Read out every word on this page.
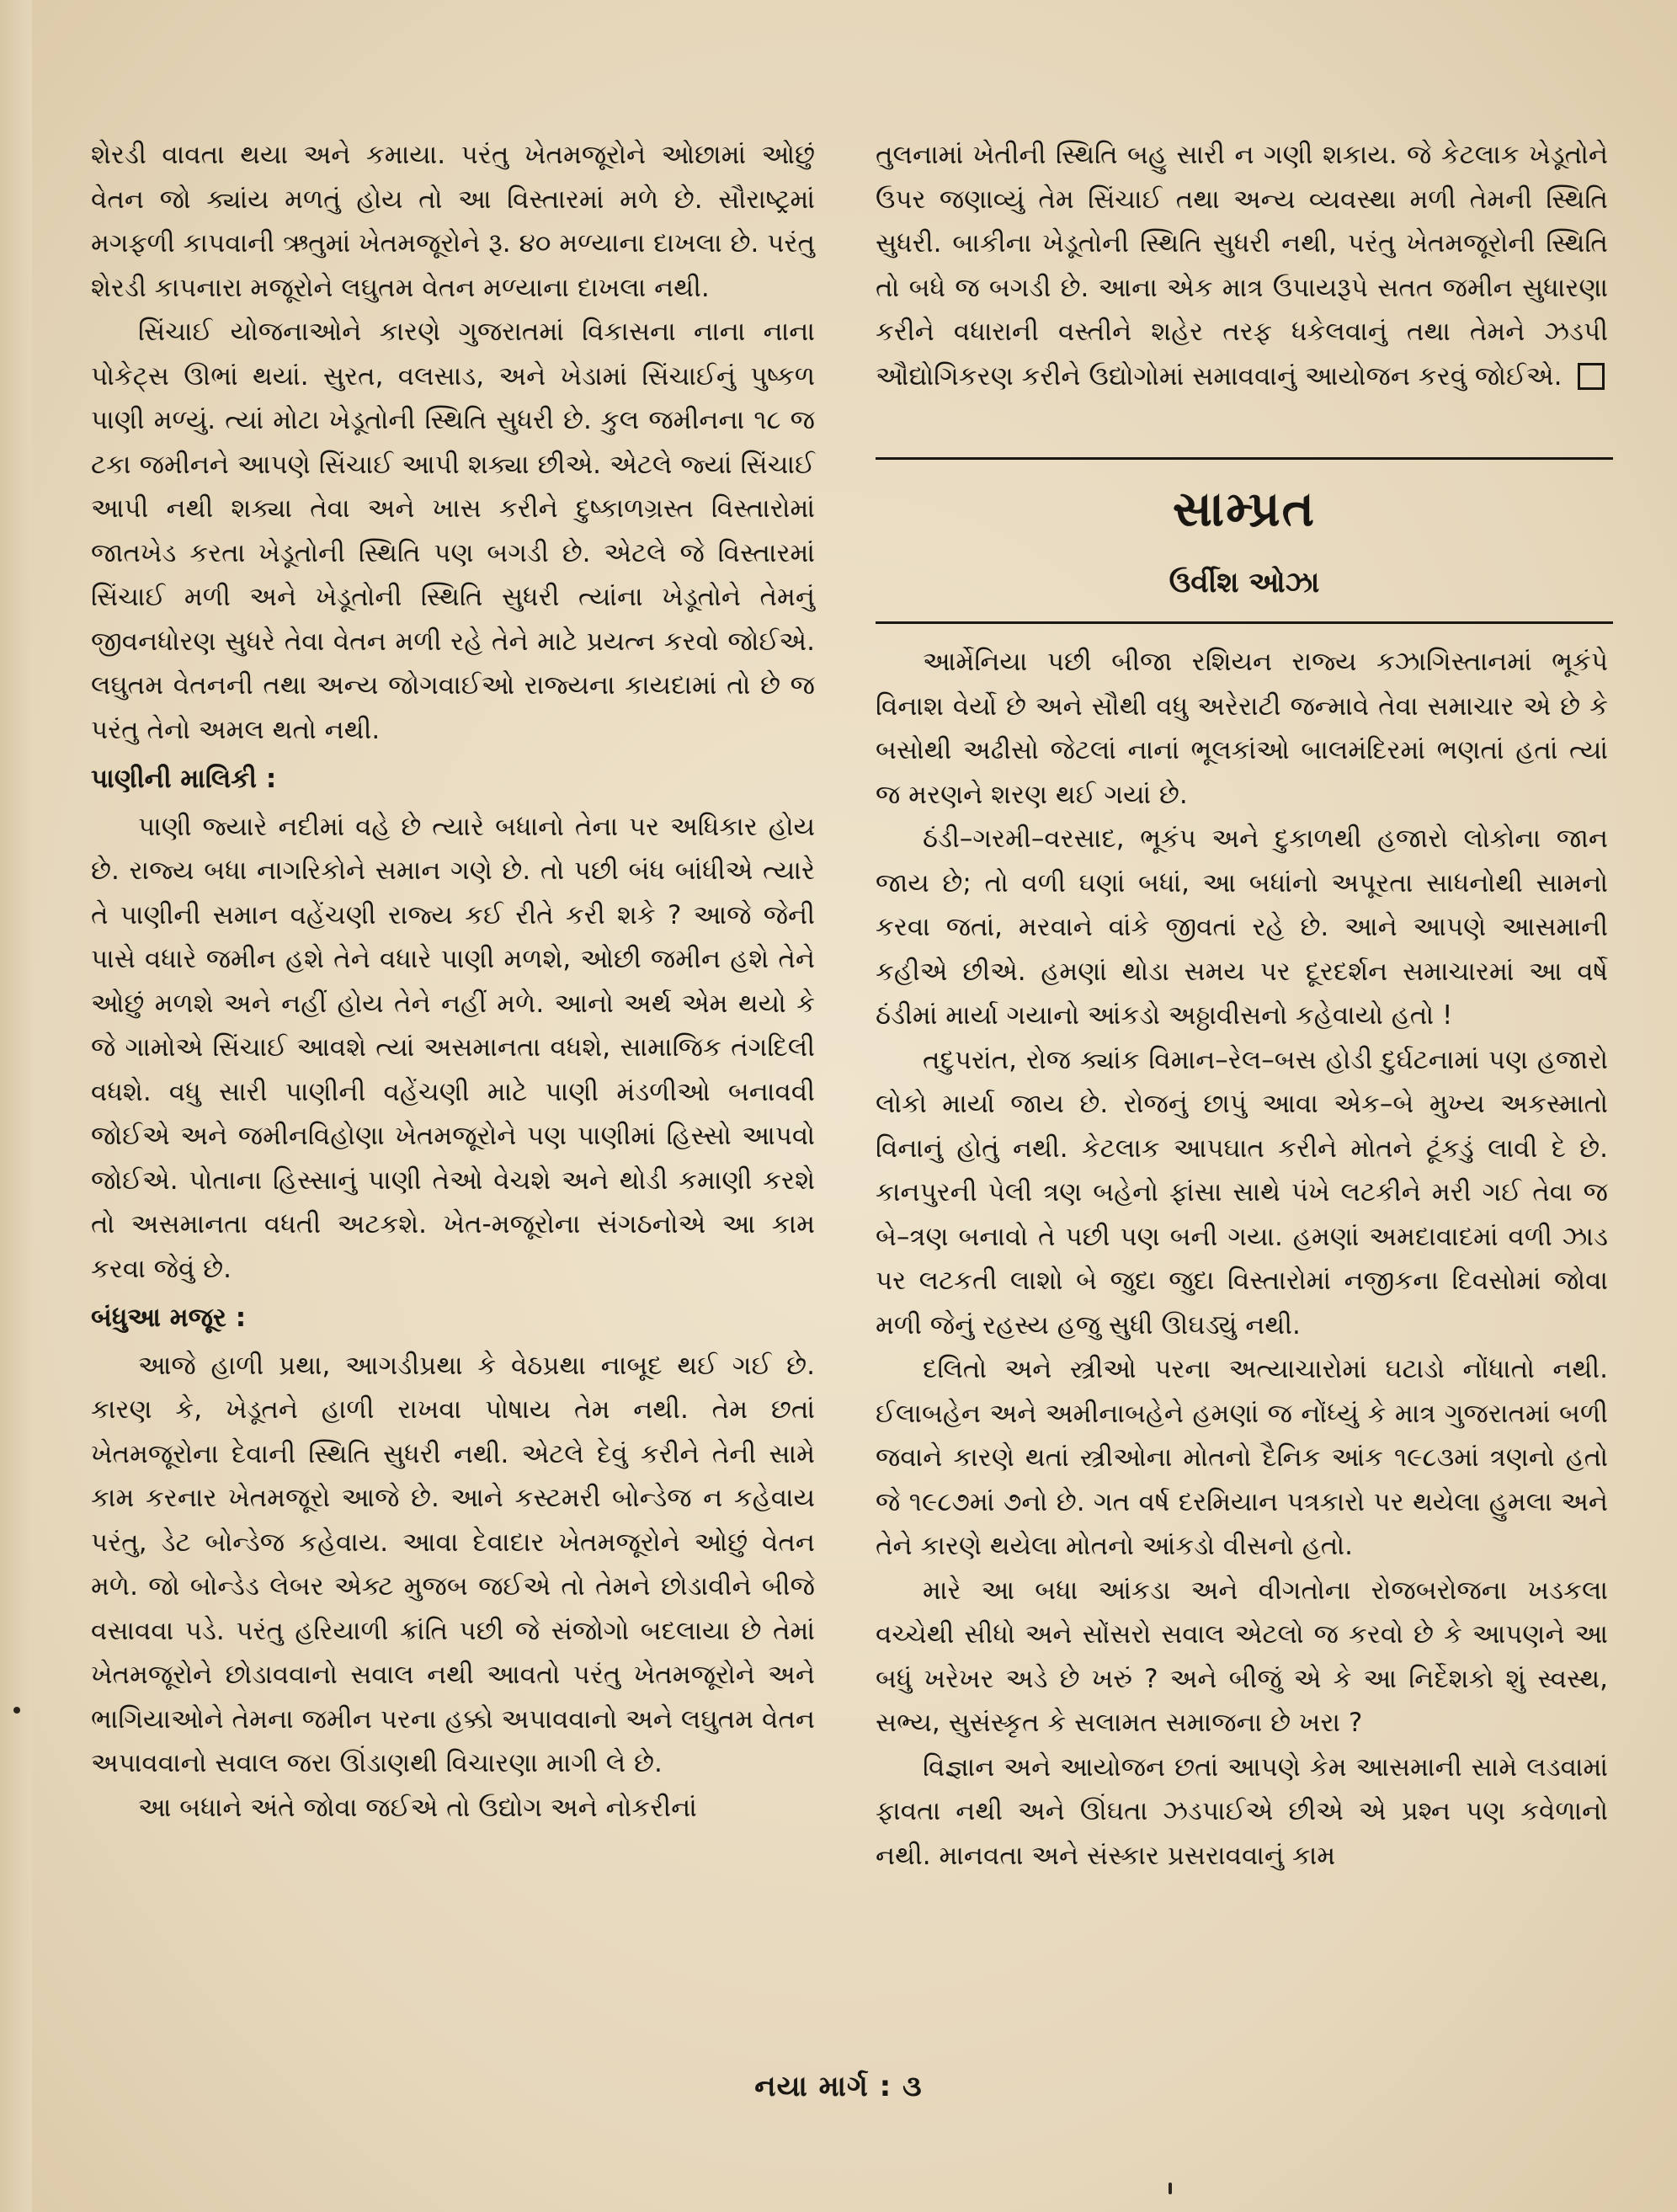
શેરડી વાવતા થયા અને કમાયા. પરંતુ ખેતમજૂરોને ઓછામાં ઓછું વેતન જો ક્યાંય મળતું હોય તો આ વિસ્તારમાં મળે છે. સૌરાષ્ટ્રમાં મગફળી કાપવાની ઋતુમાં ખેતમજૂરોને રૂ. ૪૦ મળ્યાના દાખલા છે. પરંતુ શેરડી કાપનારા મજૂરોને લઘુતમ વેતન મળ્યાના દાખલા નથી.

સિંચાઈ યોજનાઓને કારણે ગુજરાતમાં વિકાસના નાના નાના પોકેટ્સ ઊભાં થયાં. સુરત, વલસાડ, અને ખેડામાં સિંચાઈનું પુષ્કળ પાણી મળ્યું. ત્યાં મોટા ખેડૂતોની સ્થિતિ સુધરી છે. કુલ જમીનના ૧૮ જ ટકા જમીનને આપણે સિંચાઈ આપી શક્યા છીએ. એટલે જ્યાં સિંચાઈ આપી નથી શક્યા તેવા અને ખાસ કરીને દુષ્કાળગ્રસ્ત વિસ્તારોમાં જાતખેડ કરતા ખેડૂતોની સ્થિતિ પણ બગડી છે. એટલે જે વિસ્તારમાં સિંચાઈ મળી અને ખેડૂતોની સ્થિતિ સુધરી ત્યાંના ખેડૂતોને તેમનું જીવનધોરણ સુધરે તેવા વેતન મળી રહે તેને માટે પ્રયત્ન કરવો જોઈએ. લઘુતમ વેતનની તથા અન્ય જોગવાઈઓ રાજ્યના કાયદામાં તો છે જ પરંતુ તેનો અમલ થતો નથી.

પાણીની માલિકી :

પાણી જ્યારે નદીમાં વહે છે ત્યારે બધાનો તેના પર અધિકાર હોય છે. રાજ્ય બધા નાગરિકોને સમાન ગણે છે. તો પછી બંધ બાંધીએ ત્યારે તે પાણીની સમાન વહેંચણી રાજ્ય કઈ રીતે કરી શકે ? આજે જેની પાસે વધારે જમીન હશે તેને વધારે પાણી મળશે, ઓછી જમીન હશે તેને ઓછું મળશે અને નહીં હોય તેને નહીં મળે. આનો અર્થ એમ થયો કે જે ગામોએ સિંચાઈ આવશે ત્યાં અસમાનતા વધશે, સામાજિક તંગદિલી વધશે. વધુ સારી પાણીની વહેંચણી માટે પાણી મંડળીઓ બનાવવી જોઈએ અને જમીનવિહોણા ખેતમજૂરોને પણ પાણીમાં હિસ્સો આપવો જોઈએ. પોતાના હિસ્સાનું પાણી તેઓ વેચશે અને થોડી કમાણી કરશે તો અસમાનતા વધતી અટકશે. ખેત-મજૂરોના સંગઠનોએ આ કામ કરવા જેવું છે.

બંધુઆ મજૂર :

આજે હાળી પ્રથા, આગડીપ્રથા કે વેઠપ્રથા નાબૂદ થઈ ગઈ છે. કારણ કે, ખેડૂતને હાળી રાખવા પોષાય તેમ નથી. તેમ છતાં ખેતમજૂરોના દેવાની સ્થિતિ સુધરી નથી. એટલે દેવું કરીને તેની સામે કામ કરનાર ખેતમજૂરો આજે છે. આને કસ્ટમરી બોન્ડેજ ન કહેવાય પરંતુ, ડેટ બોન્ડેજ કહેવાય. આવા દેવાદાર ખેતમજૂરોને ઓછું વેતન મળે. જો બોન્ડેડ લેબર એક્ટ મુજબ જઈએ તો તેમને છોડાવીને બીજે વસાવવા પડે. પરંતુ હરિયાળી ક્રાંતિ પછી જે સંજોગો બદલાયા છે તેમાં ખેતમજૂરોને છોડાવવાનો સવાલ નથી આવતો પરંતુ ખેતમજૂરોને અને ભાગિયાઓને તેમના જમીન પરના હક્કો અપાવવાનો અને લઘુતમ વેતન અપાવવાનો સવાલ જરા ઊંડાણથી વિચારણા માગી લે છે.

આ બધાને અંતે જોવા જઈએ તો ઉદ્યોગ અને નોકરીનાં

તુલનામાં ખેતીની સ્થિતિ બહુ સારી ન ગણી શકાય. જે કેટલાક ખેડૂતોને ઉપર જણાવ્યું તેમ સિંચાઈ તથા અન્ય વ્યવસ્થા મળી તેમની સ્થિતિ સુધરી. બાકીના ખેડૂતોની સ્થિતિ સુધરી નથી, પરંતુ ખેતમજૂરોની સ્થિતિ તો બધે જ બગડી છે. આના એક માત્ર ઉપાયરૂપે સતત જમીન સુધારણા કરીને વધારાની વસ્તીને શહેર તરફ ધકેલવાનું તથા તેમને ઝડપી ઔદ્યોગિકરણ કરીને ઉદ્યોગોમાં સમાવવાનું આયોજન કરવું જોઈએ.

સામ્પ્રત
ઉર્વીશ ઓઝા

આર્મેનિયા પછી બીજા રશિયન રાજ્ય કઝાગિસ્તાનમાં ભૂકંપે વિનાશ વેર્યો છે અને સૌથી વધુ અરેરાટી જન્માવે તેવા સમાચાર એ છે કે બસોથી અઢીસો જેટલાં નાનાં ભૂલકાંઓ બાલમંદિરમાં ભણતાં હતાં ત્યાં જ મરણને શરણ થઈ ગયાં છે.

ઠંડી–ગરમી–વરસાદ, ભૂકંપ અને દુકાળથી હજારો લોકોના જાન જાય છે; તો વળી ઘણાં બધાં, આ બધાંનો અપૂરતા સાધનોથી સામનો કરવા જતાં, મરવાને વાંકે જીવતાં રહે છે. આને આપણે આસમાની કહીએ છીએ. હમણાં થોડા સમય પર દૂરદર્શન સમાચારમાં આ વર્ષે ઠંડીમાં માર્યા ગયાનો આંકડો અઠ્ઠાવીસનો કહેવાયો હતો !

તદુપરાંત, રોજ ક્યાંક વિમાન–રેલ–બસ હોડી દુર્ઘટનામાં પણ હજારો લોકો માર્યા જાય છે. રોજનું છાપું આવા એક–બે મુખ્ય અકસ્માતો વિનાનું હોતું નથી. કેટલાક આપઘાત કરીને મોતને ટૂંકડું લાવી દે છે. કાનપુરની પેલી ત્રણ બહેનો ફાંસા સાથે પંખે લટકીને મરી ગઈ તેવા જ બે–ત્રણ બનાવો તે પછી પણ બની ગયા. હમણાં અમદાવાદમાં વળી ઝાડ પર લટકતી લાશો બે જુદા જુદા વિસ્તારોમાં નજીકના દિવસોમાં જોવા મળી જેનું રહસ્ય હજુ સુધી ઊઘડ્યું નથી.

દલિતો અને સ્ત્રીઓ પરના અત્યાચારોમાં ઘટાડો નોંધાતો નથી. ઈલાબહેન અને અમીનાબહેને હમણાં જ નોંધ્યું કે માત્ર ગુજરાતમાં બળી જવાને કારણે થતાં સ્ત્રીઓના મોતનો દૈનિક આંક ૧૯૮૩માં ત્રણનો હતો જે ૧૯૮૭માં ૭નો છે. ગત વર્ષ દરમિયાન પત્રકારો પર થયેલા હુમલા અને તેને કારણે થયેલા મોતનો આંકડો વીસનો હતો.

મારે આ બધા આંકડા અને વીગતોના રોજબરોજના ખડકલા વચ્ચેથી સીધો અને સોંસરો સવાલ એટલો જ કરવો છે કે આપણને આ બધું ખરેખર અડે છે ખરું ? અને બીજું એ કે આ નિર્દેશકો શું સ્વસ્થ, સભ્ય, સુસંસ્કૃત કે સલામત સમાજના છે ખરા ?

વિજ્ઞાન અને આયોજન છતાં આપણે કેમ આસમાની સામે લડવામાં ફાવતા નથી અને ઊંઘતા ઝડપાઈએ છીએ એ પ્રશ્ન પણ કવેળાનો નથી. માનવતા અને સંસ્કાર પ્રસરાવવાનું કામ

નયા માર્ગ : ૩
